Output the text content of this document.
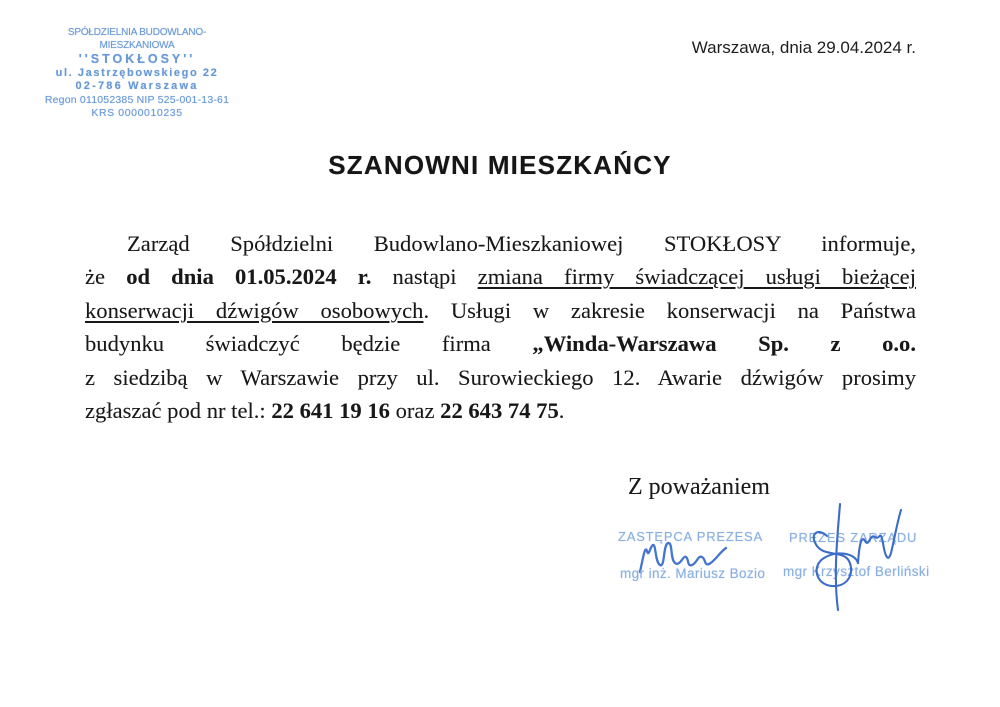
SPÓŁDZIELNIA BUDOWLANO-MIESZKANIOWA
''STOKŁOSY''
ul. Jastrzębowskiego 22
02-786 Warszawa
Regon 011052385 NIP 525-001-13-61
KRS 0000010235
Warszawa, dnia 29.04.2024 r.
SZANOWNI MIESZKAŃCY
Zarząd Spółdzielni Budowlano-Mieszkaniowej STOKŁOSY informuje,
że od dnia 01.05.2024 r. nastąpi zmiana firmy świadczącej usługi bieżącej
konserwacji dźwigów osobowych. Usługi w zakresie konserwacji na Państwa
budynku świadczyć będzie firma „Winda-Warszawa Sp. z o.o.
z siedzibą w Warszawie przy ul. Surowieckiego 12. Awarie dźwigów prosimy
zgłaszać pod nr tel.: 22 641 19 16 oraz 22 643 74 75.
Z poważaniem
ZASTĘPCA PREZESA
mgr inż. Mariusz Bozio
PREZES ZARZĄDU
mgr Krzysztof Berliński
